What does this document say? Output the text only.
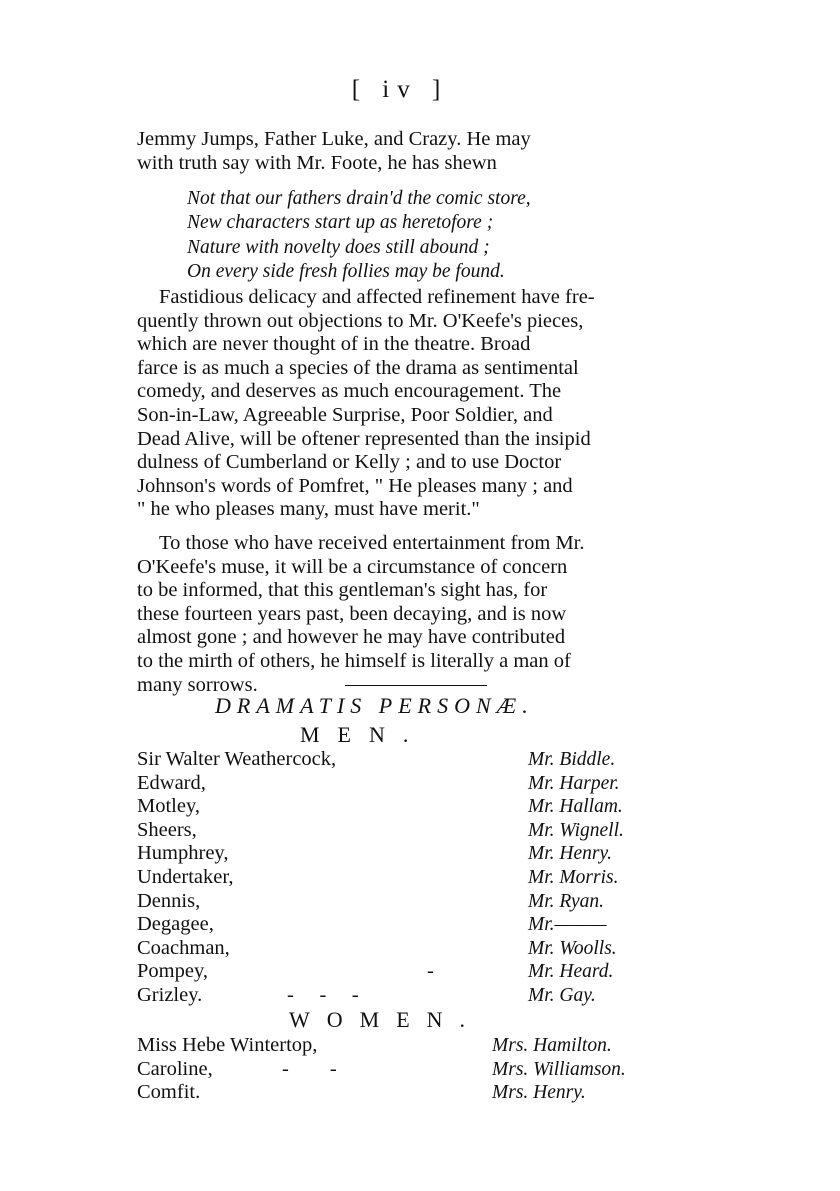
[ iv ]
Jemmy Jumps, Father Luke, and Crazy. He may
with truth say with Mr. Foote, he has shewn
Not that our fathers drain'd the comic store,
New characters start up as heretofore ;
Nature with novelty does still abound ;
On every side fresh follies may be found.
Fastidious delicacy and affected refinement have fre-
quently thrown out objections to Mr. O'Keefe's pieces,
which are never thought of in the theatre. Broad
farce is as much a species of the drama as sentimental
comedy, and deserves as much encouragement. The
Son-in-Law, Agreeable Surprise, Poor Soldier, and
Dead Alive, will be oftener represented than the insipid
dulness of Cumberland or Kelly ; and to use Doctor
Johnson's words of Pomfret, " He pleases many ; and
" he who pleases many, must have merit."
To those who have received entertainment from Mr.
O'Keefe's muse, it will be a circumstance of concern
to be informed, that this gentleman's sight has, for
these fourteen years past, been decaying, and is now
almost gone ; and however he may have contributed
to the mirth of others, he himself is literally a man of
many sorrows.
DRAMATIS PERSONÆ.
MEN.
Sir Walter Weathercock,	Mr. Biddle.
Edward,	Mr. Harper.
Motley,	Mr. Hallam.
Sheers,	Mr. Wignell.
Humphrey,	Mr. Henry.
Undertaker,	Mr. Morris.
Dennis,	Mr. Ryan.
Degagee,	Mr.———
Coachman,	Mr. Woolls.
Pompey,	-	Mr. Heard.
Grizley.	-     -     -	Mr. Gay.
WOMEN.
Miss Hebe Wintertop,	Mrs. Hamilton.
Caroline,	-        -	Mrs. Williamson.
Comfit.	Mrs. Henry.
